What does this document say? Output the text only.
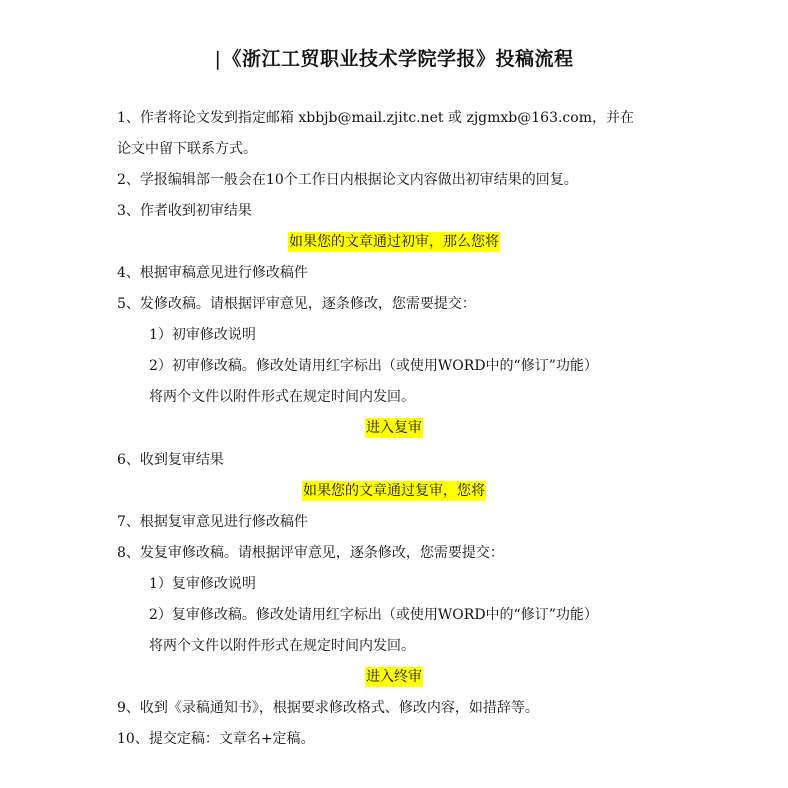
|《浙江工贸职业技术学院学报》投稿流程
1、作者将论文发到指定邮箱 xbbjb@mail.zjitc.net 或 zjgmxb@163.com，并在
论文中留下联系方式。
2、学报编辑部一般会在10个工作日内根据论文内容做出初审结果的回复。
3、作者收到初审结果
如果您的文章通过初审，那么您将
4、根据审稿意见进行修改稿件
5、发修改稿。请根据评审意见，逐条修改，您需要提交：
1）初审修改说明
2）初审修改稿。修改处请用红字标出（或使用WORD中的“修订”功能）
将两个文件以附件形式在规定时间内发回。
进入复审
6、收到复审结果
如果您的文章通过复审，您将
7、根据复审意见进行修改稿件
8、发复审修改稿。请根据评审意见，逐条修改，您需要提交：
1）复审修改说明
2）复审修改稿。修改处请用红字标出（或使用WORD中的“修订”功能）
将两个文件以附件形式在规定时间内发回。
进入终审
9、收到《录稿通知书》，根据要求修改格式、修改内容，如措辞等。
10、提交定稿：文章名+定稿。
